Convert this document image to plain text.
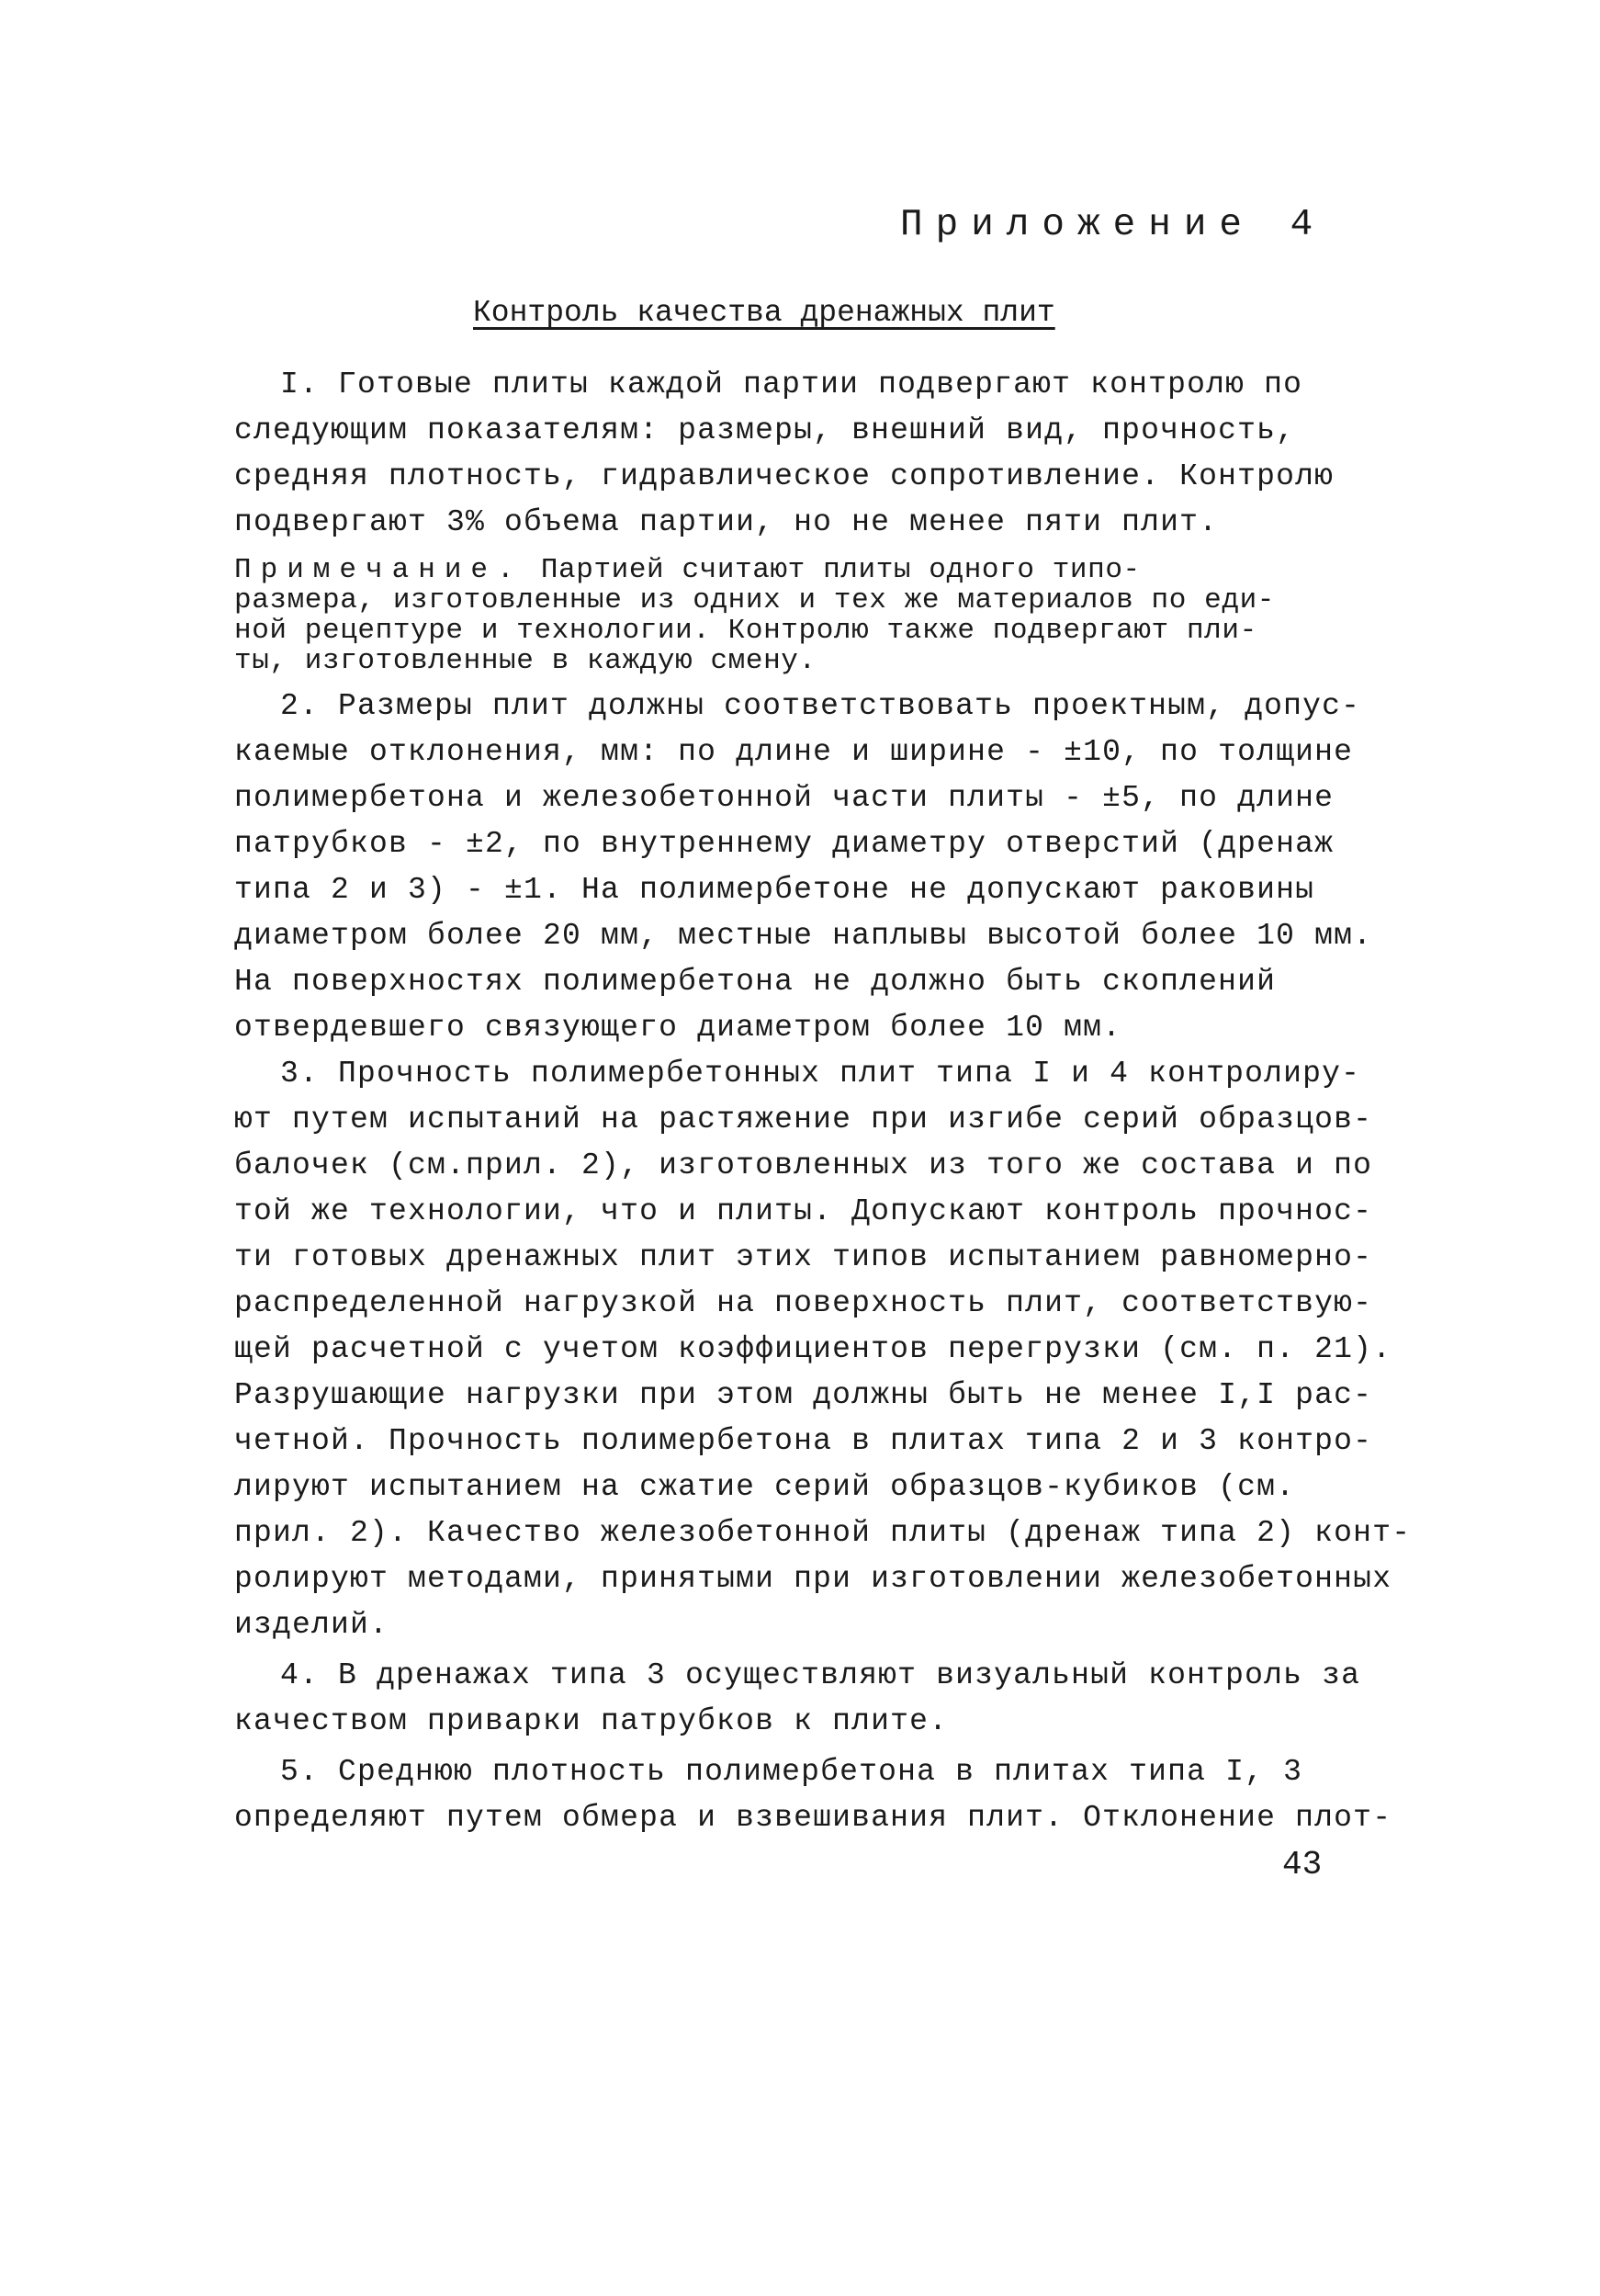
Приложение 4
Контроль качества дренажных плит
I. Готовые плиты каждой партии подвергают контролю по
следующим показателям: размеры, внешний вид, прочность,
средняя плотность, гидравлическое сопротивление. Контролю
подвергают 3% объема партии, но не менее пяти плит.
Примечание. Партией считают плиты одного типо-
размера, изготовленные из одних и тех же материалов по еди-
ной рецептуре и технологии. Контролю также подвергают пли-
ты, изготовленные в каждую смену.
2. Размеры плит должны соответствовать проектным, допус-
каемые отклонения, мм: по длине и ширине - ±10, по толщине
полимербетона и железобетонной части плиты - ±5, по длине
патрубков - ±2, по внутреннему диаметру отверстий (дренаж
типа 2 и 3) - ±1. На полимербетоне не допускают раковины
диаметром более 20 мм, местные наплывы высотой более 10 мм.
На поверхностях полимербетона не должно быть скоплений
отвердевшего связующего диаметром более 10 мм.
3. Прочность полимербетонных плит типа I и 4 контролиру-
ют путем испытаний на растяжение при изгибе серий образцов-
балочек (см.прил. 2), изготовленных из того же состава и по
той же технологии, что и плиты. Допускают контроль прочнос-
ти готовых дренажных плит этих типов испытанием равномерно-
распределенной нагрузкой на поверхность плит, соответствую-
щей расчетной с учетом коэффициентов перегрузки (см. п. 21).
Разрушающие нагрузки при этом должны быть не менее I,I рас-
четной. Прочность полимербетона в плитах типа 2 и 3 контро-
лируют испытанием на сжатие серий образцов-кубиков (см.
прил. 2). Качество железобетонной плиты (дренаж типа 2) конт-
ролируют методами, принятыми при изготовлении железобетонных
изделий.
4. В дренажах типа 3 осуществляют визуальный контроль за
качеством приварки патрубков к плите.
5. Среднюю плотность полимербетона в плитах типа I, 3
определяют путем обмера и взвешивания плит. Отклонение плот-
43
